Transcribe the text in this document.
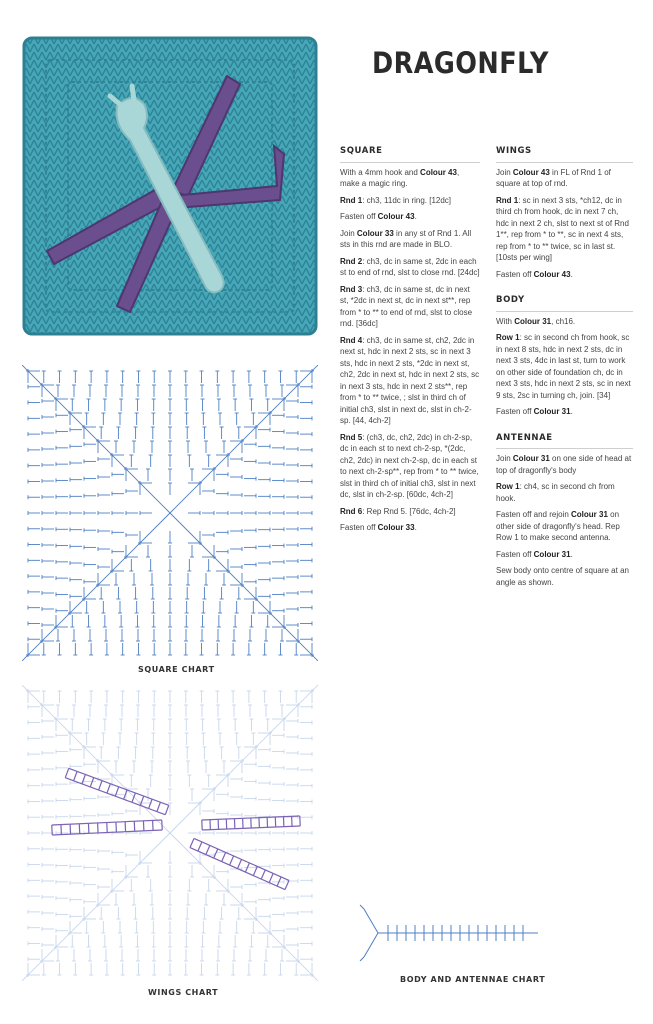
SQUARE CHART
WINGS CHART
BODY AND ANTENNAE CHART
DRAGONFLY
SQUARE

With a 4mm hook and Colour 43, make a magic ring.

Rnd 1: ch3, 11dc in ring. [12dc]

Fasten off Colour 43.

Join Colour 33 in any st of Rnd 1. All sts in this rnd are made in BLO.

Rnd 2: ch3, dc in same st, 2dc in each st to end of rnd, slst to close rnd. [24dc]

Rnd 3: ch3, dc in same st, dc in next st, *2dc in next st, dc in next st**, rep from * to ** to end of rnd, slst to close rnd. [36dc]

Rnd 4: ch3, dc in same st, ch2, 2dc in next st, hdc in next 2 sts, sc in next 3 sts, hdc in next 2 sts, *2dc in next st, ch2, 2dc in next st, hdc in next 2 sts, sc in next 3 sts, hdc in next 2 sts**, rep from * to ** twice, ; slst in third ch of initial ch3, slst in next dc, slst in ch-2-sp. [44, 4ch-2]

Rnd 5: (ch3, dc, ch2, 2dc) in ch-2-sp, dc in each st to next ch-2-sp, *(2dc, ch2, 2dc) in next ch-2-sp, dc in each st to next ch-2-sp**, rep from * to ** twice, slst in third ch of initial ch3, slst in next dc, slst in ch-2-sp. [60dc, 4ch-2]

Rnd 6: Rep Rnd 5. [76dc, 4ch-2]

Fasten off Colour 33.

WINGS

Join Colour 43 in FL of Rnd 1 of square at top of rnd.

Rnd 1: sc in next 3 sts, *ch12, dc in third ch from hook, dc in next 7 ch, hdc in next 2 ch, slst to next st of Rnd 1**, rep from * to **, sc in next 4 sts, rep from * to ** twice, sc in last st. [10sts per wing]

Fasten off Colour 43.

BODY

With Colour 31, ch16.

Row 1: sc in second ch from hook, sc in next 8 sts, hdc in next 2 sts, dc in next 3 sts, 4dc in last st, turn to work on other side of foundation ch, dc in next 3 sts, hdc in next 2 sts, sc in next 9 sts, 2sc in turning ch, join. [34]

Fasten off Colour 31.

ANTENNAE

Join Colour 31 on one side of head at top of dragonfly's body

Row 1: ch4, sc in second ch from hook.

Fasten off and rejoin Colour 31 on other side of dragonfly's head. Rep Row 1 to make second antenna.

Fasten off Colour 31.

Sew body onto centre of square at an angle as shown.
